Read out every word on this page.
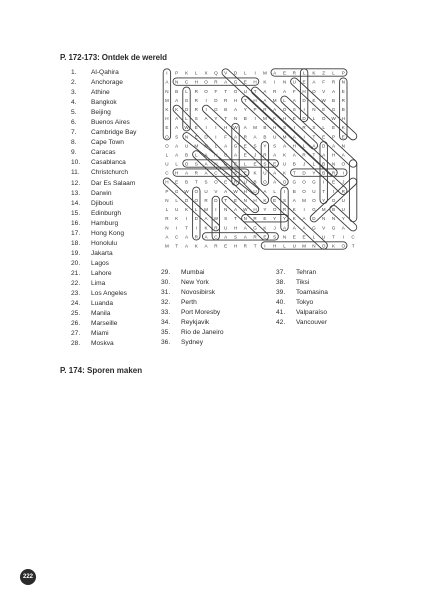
P. 172-173: Ontdek de wereld
1.	Al-Qahira
2.	Anchorage
3.	Athine
4.	Bangkok
5.	Beijing
6.	Buenos Aires
7.	Cambridge Bay
8.	Cape Town
9.	Caracas
10.	Casablanca
11.	Christchurch
12.	Dar Es Salaam
13.	Darwin
14.	Djibouti
15.	Edinburgh
16.	Hamburg
17.	Hong Kong
18.	Honolulu
19.	Jakarta
20.	Lagos
21.	Lahore
22.	Lima
23.	Los Angeles
24.	Luanda
25.	Manila
26.	Marseille
27.	Miami
28.	Moskva
29.	Mumbai
30.	New York
31.	Novosibirsk
32.	Perth
33.	Port Moresby
34.	Reykjavik
35.	Rio de Janeiro
36.	Sydney
37.	Tehran
38.	Tiksi
39.	Toamasina
40.	Tokyo
41.	Valparaíso
42.	Vancouver
I P K L X Q V D L I M A E R L K Z L P
A N C H O R A G E H K I N U E A F R N
N B L R O F T O U T A R A F H O V A E
M A G R I D R H T H A M L A D E W B R
K K O R I G B A Y P R A O S I N E G B
H A L S A Y T N B I M K H E D L O W H
E A W E I I H W A M B H S I R S L E K
O S N E D I F A R A B U M A I T E P E
O A U M N L A G E S Y S A H L A D A N
L A B L A N C A E J R A K A R T A H A
U L O S A N G E L E S E U B J L B N O
C H A R A C A S E K U A K T D Y B R I
H E B T S O E R U B O A O G O G I E J
P G W O U V A W H U A L I B O U T I R
N L D O R D T E N H K E S A M O Y O U
L U K L M I N A W H Y O R K I G M B U
R K I D A W S T N R E Y Y K A D N N Y
N I T I K R U H A G K J A A A G V G A
A C A R A C A S A R E S N E E L U T I C
M T A K A R E H R T I H L U M N O K O T
P. 174: Sporen maken
222
